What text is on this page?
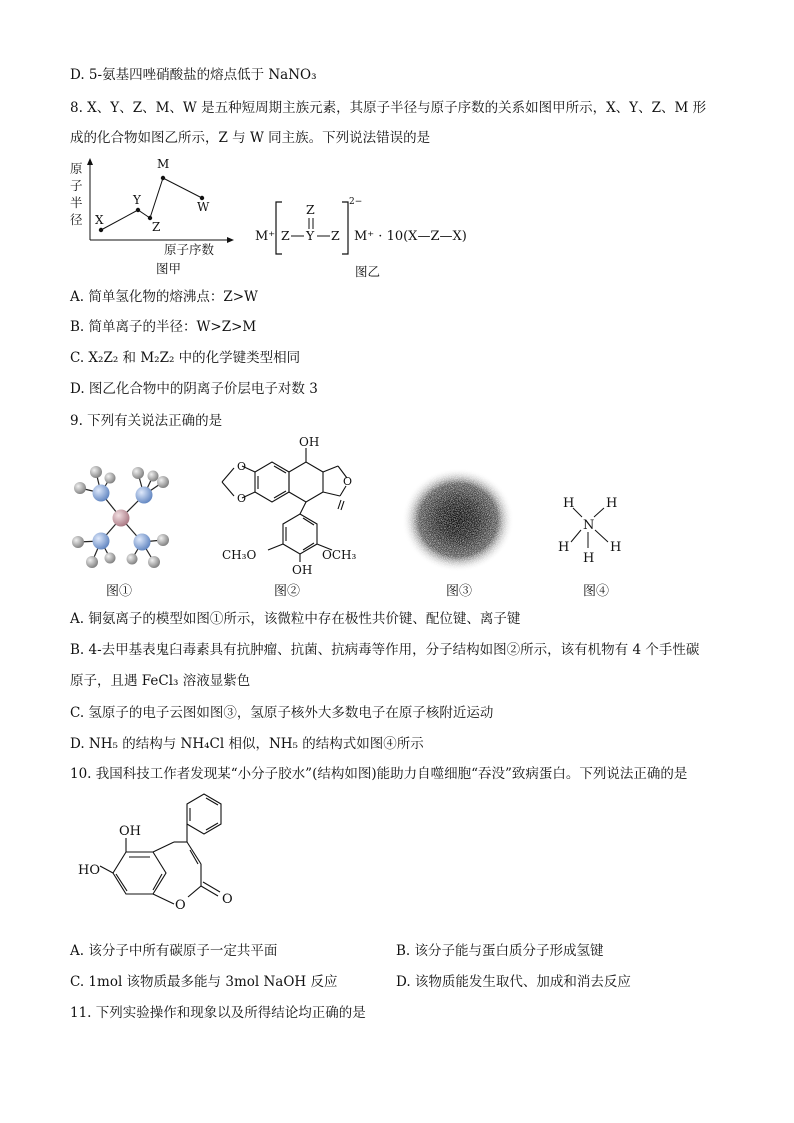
D. 5-氨基四唑硝酸盐的熔点低于 NaNO₃
8. X、Y、Z、M、W 是五种短周期主族元素，其原子半径与原子序数的关系如图甲所示，X、Y、Z、M 形
成的化合物如图乙所示，Z 与 W 同主族。下列说法错误的是
X
Y
Z
M
W
原子序数
图甲
原子半径
M⁺
Z
Z Y Z
2−
M⁺ · 10(X—Z—X)
图乙
A. 简单氢化物的熔沸点：Z>W
B. 简单离子的半径：W>Z>M
C. X₂Z₂ 和 M₂Z₂ 中的化学键类型相同
D. 图乙化合物中的阴离子价层电子对数 3
9. 下列有关说法正确的是
O
O
O
OH
CH₃O	OCH₃
OH
H H
N
H	H
H
图①	图②	图③	图④
A. 铜氨离子的模型如图①所示，该微粒中存在极性共价键、配位键、离子键
B. 4-去甲基表鬼臼毒素具有抗肿瘤、抗菌、抗病毒等作用，分子结构如图②所示，该有机物有 4 个手性碳
原子，且遇 FeCl₃ 溶液显紫色
C. 氢原子的电子云图如图③，氢原子核外大多数电子在原子核附近运动
D. NH₅ 的结构与 NH₄Cl 相似，NH₅ 的结构式如图④所示
10. 我国科技工作者发现某“小分子胶水”(结构如图)能助力自噬细胞“吞没”致病蛋白。下列说法正确的是
OH
HO
O	O
A. 该分子中所有碳原子一定共平面	B. 该分子能与蛋白质分子形成氢键
C. 1mol 该物质最多能与 3mol NaOH 反应	D. 该物质能发生取代、加成和消去反应
11. 下列实验操作和现象以及所得结论均正确的是
